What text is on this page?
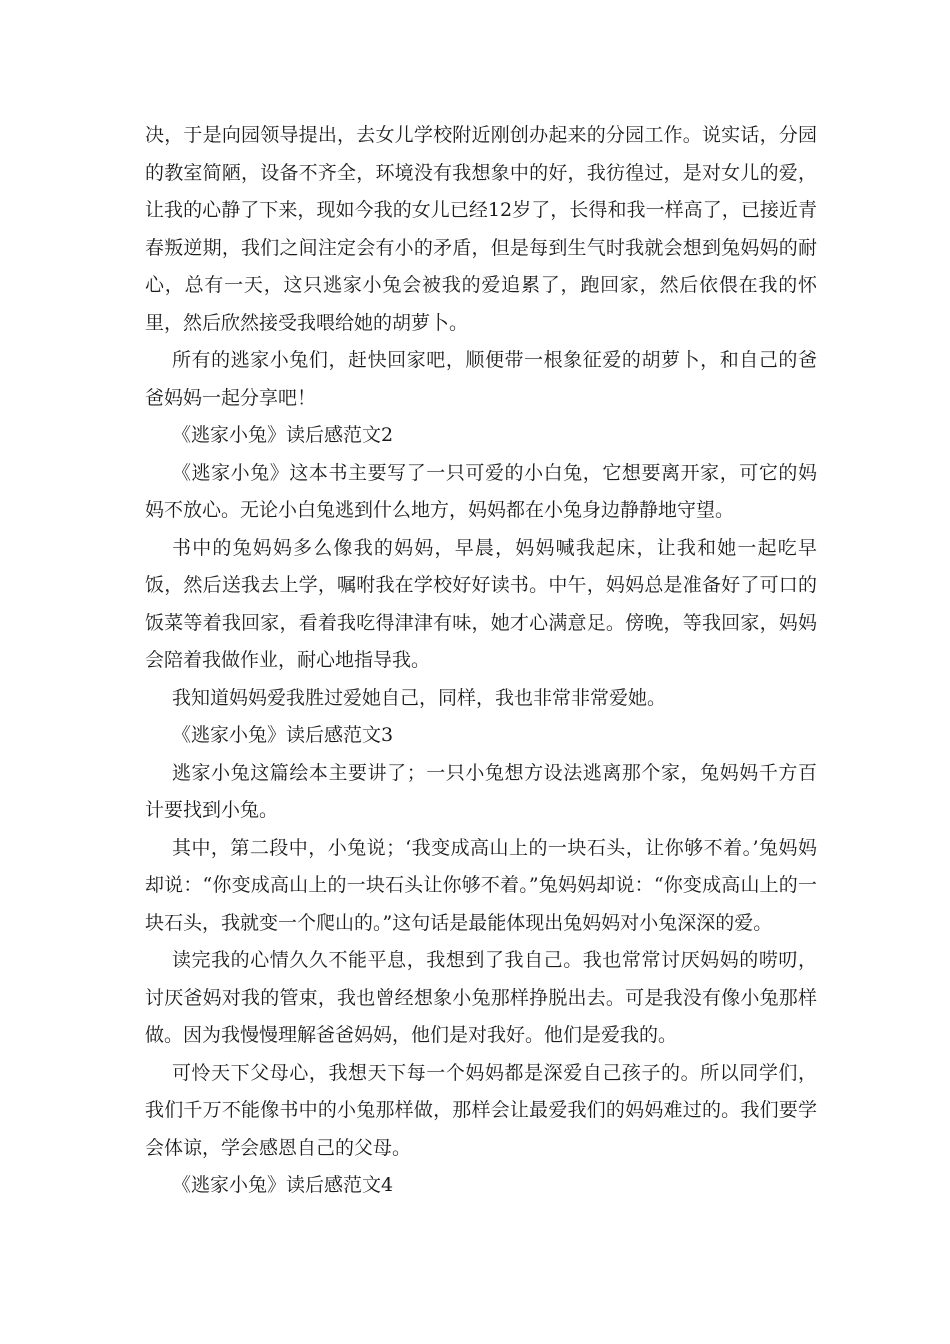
决，于是向园领导提出，去女儿学校附近刚创办起来的分园工作。说实话，分园的教室简陋，设备不齐全，环境没有我想象中的好，我彷徨过，是对女儿的爱，让我的心静了下来，现如今我的女儿已经12岁了，长得和我一样高了，已接近青春叛逆期，我们之间注定会有小的矛盾，但是每到生气时我就会想到兔妈妈的耐心，总有一天，这只逃家小兔会被我的爱追累了，跑回家，然后依偎在我的怀里，然后欣然接受我喂给她的胡萝卜。

所有的逃家小兔们，赶快回家吧，顺便带一根象征爱的胡萝卜，和自己的爸爸妈妈一起分享吧！

《逃家小兔》读后感范文2

《逃家小兔》这本书主要写了一只可爱的小白兔，它想要离开家，可它的妈妈不放心。无论小白兔逃到什么地方，妈妈都在小兔身边静静地守望。

书中的兔妈妈多么像我的妈妈，早晨，妈妈喊我起床，让我和她一起吃早饭，然后送我去上学，嘱咐我在学校好好读书。中午，妈妈总是准备好了可口的饭菜等着我回家，看着我吃得津津有味，她才心满意足。傍晚，等我回家，妈妈会陪着我做作业，耐心地指导我。

我知道妈妈爱我胜过爱她自己，同样，我也非常非常爱她。

《逃家小兔》读后感范文3

逃家小兔这篇绘本主要讲了；一只小兔想方设法逃离那个家，兔妈妈千方百计要找到小兔。

其中，第二段中，小兔说；‘我变成高山上的一块石头，让你够不着。’兔妈妈却说：“你变成高山上的一块石头让你够不着。”兔妈妈却说：“你变成高山上的一块石头，我就变一个爬山的。”这句话是最能体现出兔妈妈对小兔深深的爱。

读完我的心情久久不能平息，我想到了我自己。我也常常讨厌妈妈的唠叨，讨厌爸妈对我的管束，我也曾经想象小兔那样挣脱出去。可是我没有像小兔那样做。因为我慢慢理解爸爸妈妈，他们是对我好。他们是爱我的。

可怜天下父母心，我想天下每一个妈妈都是深爱自己孩子的。所以同学们，我们千万不能像书中的小兔那样做，那样会让最爱我们的妈妈难过的。我们要学会体谅，学会感恩自己的父母。

《逃家小兔》读后感范文4
